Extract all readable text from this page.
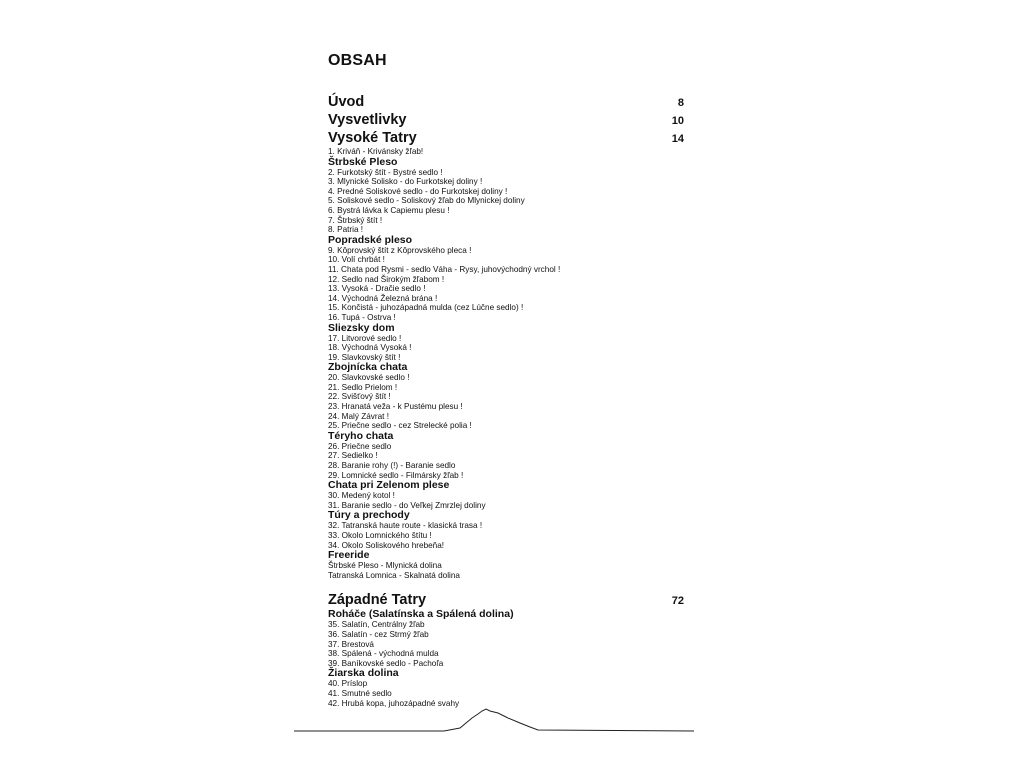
OBSAH
Úvod	8
Vysvetlivky	10
Vysoké Tatry	14
1. Kriváň - Krivánsky žľab!
Štrbské Pleso
2. Furkotský štít - Bystré sedlo !
3. Mlynické Solisko - do Furkotskej doliny !
4. Predné Soliskové sedlo - do Furkotskej doliny !
5. Soliskové sedlo - Soliskový žľab do Mlynickej doliny
6. Bystrá lávka k Capiemu plesu !
7. Štrbský štít !
8. Patria !
Popradské pleso
9. Kôprovský štít z Kôprovského pleca !
10. Volí chrbát !
11. Chata pod Rysmi - sedlo Váha - Rysy, juhovýchodný vrchol !
12. Sedlo nad Širokým žľabom !
13. Vysoká - Dračie sedlo !
14. Východná Železná brána !
15. Končistá - juhozápadná mulda (cez Lúčne sedlo) !
16. Tupá - Ostrva !
Sliezsky dom
17. Litvorové sedlo !
18. Východná Vysoká !
19. Slavkovský štít !
Zbojnícka chata
20. Slavkovské sedlo !
21. Sedlo Prielom !
22. Svišťový štít !
23. Hranatá veža - k Pustému plesu !
24. Malý Závrat !
25. Priečne sedlo - cez Strelecké polia !
Téryho chata
26. Priečne sedlo
27. Sedielko !
28. Baranie rohy (!) - Baranie sedlo
29. Lomnické sedlo - Filmársky žľab !
Chata pri Zelenom plese
30. Medený kotol !
31. Baranie sedlo - do Veľkej Zmrzlej doliny
Túry a prechody
32. Tatranská haute route - klasická trasa !
33. Okolo Lomnického štítu !
34. Okolo Soliskového hrebeňa!
Freeride
Štrbské Pleso - Mlynická dolina
Tatranská Lomnica - Skalnatá dolina
Západné Tatry	72
Roháče (Salatínska a Spálená dolina)
35. Salatín, Centrálny žľab
36. Salatín - cez Strmý žľab
37. Brestová
38. Spálená - východná mulda
39. Baníkovské sedlo - Pachoľa
Žiarska dolina
40. Príslop
41. Smutné sedlo
42. Hrubá kopa, juhozápadné svahy
